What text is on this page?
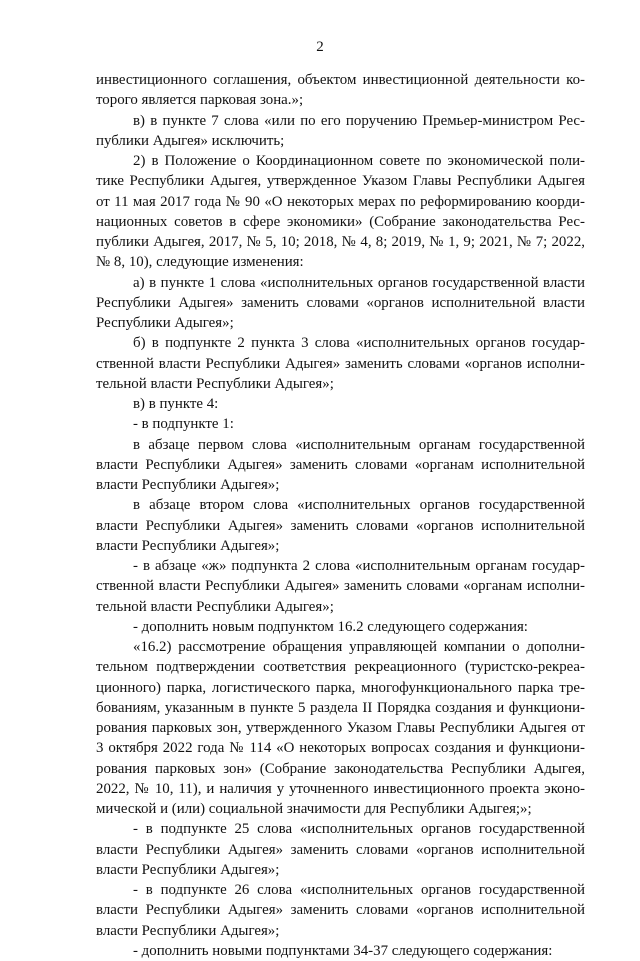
2
инвестиционного соглашения, объектом инвестиционной деятельности ко-
торого является парковая зона.»;
в) в пункте 7 слова «или по его поручению Премьер-министром Рес-
публики Адыгея» исключить;
2) в Положение о Координационном совете по экономической поли-
тике Республики Адыгея, утвержденное Указом Главы Республики Адыгея
от 11 мая 2017 года № 90 «О некоторых мерах по реформированию коорди-
национных советов в сфере экономики» (Собрание законодательства Рес-
публики Адыгея, 2017, № 5, 10; 2018, № 4, 8; 2019, № 1, 9; 2021, № 7; 2022,
№ 8, 10), следующие изменения:
а) в пункте 1 слова «исполнительных органов государственной власти
Республики Адыгея» заменить словами «органов исполнительной власти
Республики Адыгея»;
б) в подпункте 2 пункта 3 слова «исполнительных органов государ-
ственной власти Республики Адыгея» заменить словами «органов исполни-
тельной власти Республики Адыгея»;
в) в пункте 4:
- в подпункте 1:
в абзаце первом слова «исполнительным органам государственной
власти Республики Адыгея» заменить словами «органам исполнительной
власти Республики Адыгея»;
в абзаце втором слова «исполнительных органов государственной
власти Республики Адыгея» заменить словами «органов исполнительной
власти Республики Адыгея»;
- в абзаце «ж» подпункта 2 слова «исполнительным органам государ-
ственной власти Республики Адыгея» заменить словами «органам исполни-
тельной власти Республики Адыгея»;
- дополнить новым подпунктом 16.2 следующего содержания:
«16.2) рассмотрение обращения управляющей компании о дополни-
тельном подтверждении соответствия рекреационного (туристско-рекреа-
ционного) парка, логистического парка, многофункционального парка тре-
бованиям, указанным в пункте 5 раздела II Порядка создания и функциони-
рования парковых зон, утвержденного Указом Главы Республики Адыгея от
3 октября 2022 года № 114 «О некоторых вопросах создания и функциони-
рования парковых зон» (Собрание законодательства Республики Адыгея,
2022, № 10, 11), и наличия у уточненного инвестиционного проекта эконо-
мической и (или) социальной значимости для Республики Адыгея;»;
- в подпункте 25 слова «исполнительных органов государственной
власти Республики Адыгея» заменить словами «органов исполнительной
власти Республики Адыгея»;
- в подпункте 26 слова «исполнительных органов государственной
власти Республики Адыгея» заменить словами «органов исполнительной
власти Республики Адыгея»;
- дополнить новыми подпунктами 34-37 следующего содержания:
